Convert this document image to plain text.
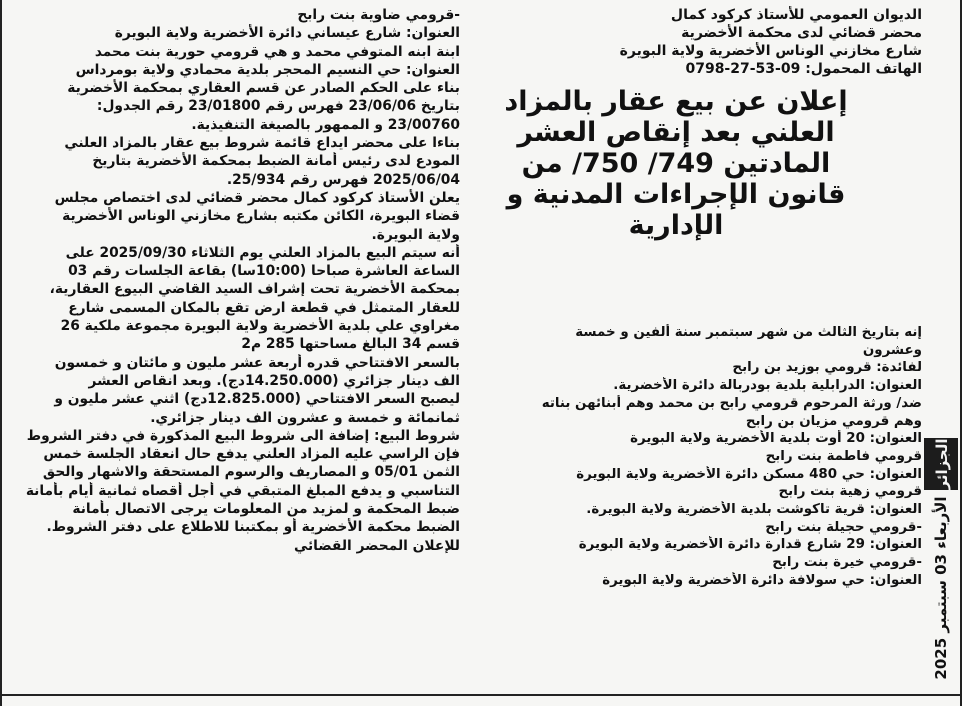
الديوان العمومي للأستاذ كركود كمال
محضر قضائي لدى محكمة الأخضرية
شارع مخازني الوناس الأخضرية ولاية البويرة
الهاتف المحمول: 0798-27-53-09
إعلان عن بيع عقار بالمزاد
العلني بعد إنقاص العشر
المادتين 749/ 750/ من
قانون الإجراءات المدنية و
الإدارية
إنه بتاريخ الثالث من شهر سبتمبر سنة ألفين و خمسة
وعشرون
لفائدة: قرومي بوزيد بن رابح
العنوان: الدرابلية بلدية بودربالة دائرة الأخضرية.
ضد/ ورثة المرحوم قرومي رابح بن محمد وهم أبنائهن بناته
وهم قرومي مزيان بن رابح
العنوان: 20 أوت بلدية الأخضرية ولاية البويرة
قرومي فاطمة بنت رابح
العنوان: حي 480 مسكن دائرة الأخضرية ولاية البويرة
قرومي زهية بنت رابح
العنوان: قرية تاكوشت بلدية الأخضرية ولاية البويرة.
-قرومي حجيلة بنت رابح
العنوان: 29 شارع قدارة دائرة الأخضرية ولاية البويرة
-قرومي خيرة بنت رابح
العنوان: حي سولافة دائرة الأخضرية ولاية البويرة
-قرومي ضاوية بنت رابح
العنوان: شارع عيساني دائرة الأخضرية ولاية البويرة
ابنة ابنه المتوفي محمد و هي قرومي حورية بنت محمد
العنوان: حي النسيم المحجر بلدية محمادي ولاية بومرداس
بناء على الحكم الصادر عن قسم العقاري بمحكمة الأخضرية
بتاريخ 23/06/06 فهرس رقم 23/01800 رقم الجدول:
23/00760 و الممهور بالصيغة التنفيذية.
بناءا على محضر ايداع قائمة شروط بيع عقار بالمزاد العلني
المودع لدى رئيس أمانة الضبط بمحكمة الأخضرية بتاريخ
2025/06/04 فهرس رقم 25/934.
يعلن الأستاذ كركود كمال محضر قضائي لدى اختصاص مجلس
قضاء البويرة، الكائن مكتبه بشارع مخازني الوناس الأخضرية
ولاية البويرة.
أنه سيتم البيع بالمزاد العلني يوم الثلاثاء 2025/09/30 على
الساعة العاشرة صباحا (10:00سا) بقاعة الجلسات رقم 03
بمحكمة الأخضرية تحت إشراف السيد القاضي البيوع العقارية،
للعقار المتمثل في قطعة ارض تقع بالمكان المسمى شارع
مغراوي علي بلدية الأخضرية ولاية البويرة مجموعة ملكية 26
قسم 34 البالغ مساحتها 285 م2
بالسعر الافتتاحي قدره أربعة عشر مليون و مائتان و خمسون
الف دينار جزائري (14.250.000دج). وبعد انقاص العشر
ليصبح السعر الافتتاحي (12.825.000دج) اثني عشر مليون و
ثمانمائة و خمسة و عشرون الف دينار جزائري.
شروط البيع: إضافة الى شروط البيع المذكورة في دفتر الشروط
فإن الراسي عليه المزاد العلني يدفع حال انعقاد الجلسة خمس
الثمن 05/01 و المصاريف والرسوم المستحقة والاشهار والحق
التناسبي و يدفع المبلغ المتبقي في أجل أقصاه ثمانية أيام بأمانة
ضبط المحكمة و لمزيد من المعلومات يرجى الاتصال بأمانة
الضبط محكمة الأخضرية أو بمكتبنا للاطلاع على دفتر الشروط.
للإعلان المحضر القضائي
الجزائر
الأربعاء 03 سبتمبر 2025
